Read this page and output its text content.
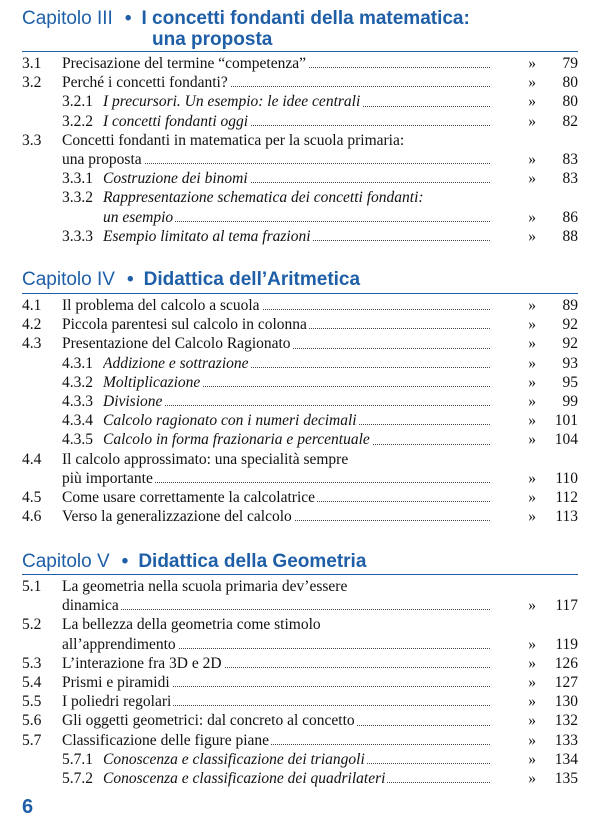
Capitolo III • I concetti fondanti della matematica:
una proposta
3.1 Precisazione del termine “competenza”	»	79
3.2 Perché i concetti fondanti?	»	80
3.2.1 I precursori. Un esempio: le idee centrali	»	80
3.2.2 I concetti fondanti oggi	»	82
3.3 Concetti fondanti in matematica per la scuola primaria:
una proposta	»	83
3.3.1 Costruzione dei binomi	»	83
3.3.2 Rappresentazione schematica dei concetti fondanti:
un esempio	»	86
3.3.3 Esempio limitato al tema frazioni	»	88
Capitolo IV • Didattica dell’Aritmetica
4.1 Il problema del calcolo a scuola	»	89
4.2 Piccola parentesi sul calcolo in colonna	»	92
4.3 Presentazione del Calcolo Ragionato	»	92
4.3.1 Addizione e sottrazione	»	93
4.3.2 Moltiplicazione	»	95
4.3.3 Divisione	»	99
4.3.4 Calcolo ragionato con i numeri decimali	»	101
4.3.5 Calcolo in forma frazionaria e percentuale	»	104
4.4 Il calcolo approssimato: una specialità sempre
più importante	»	110
4.5 Come usare correttamente la calcolatrice	»	112
4.6 Verso la generalizzazione del calcolo	»	113
Capitolo V • Didattica della Geometria
5.1 La geometria nella scuola primaria dev’essere
dinamica	»	117
5.2 La bellezza della geometria come stimolo
all’apprendimento	»	119
5.3 L’interazione fra 3D e 2D	»	126
5.4 Prismi e piramidi	»	127
5.5 I poliedri regolari	»	130
5.6 Gli oggetti geometrici: dal concreto al concetto	»	132
5.7 Classificazione delle figure piane	»	133
5.7.1 Conoscenza e classificazione dei triangoli	»	134
5.7.2 Conoscenza e classificazione dei quadrilateri	»	135
6
